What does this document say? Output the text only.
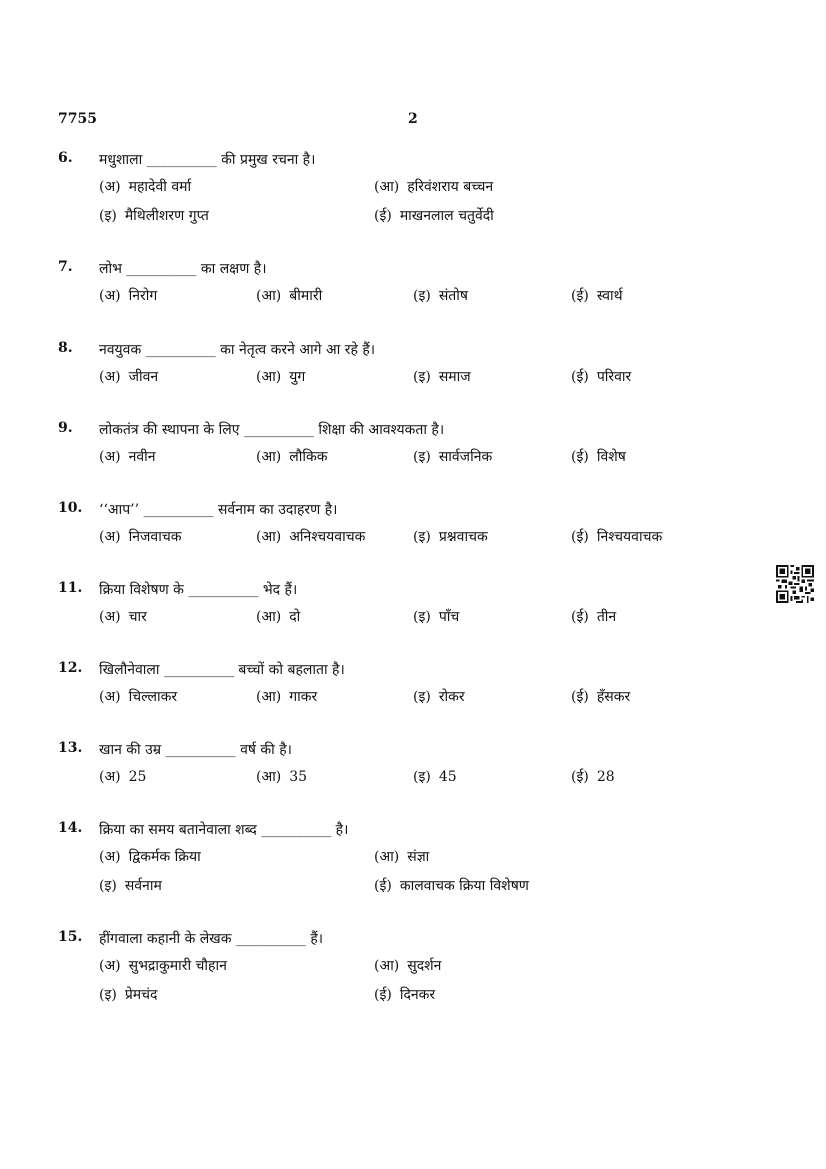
7755	2
6. मधुशाला __________ की प्रमुख रचना है।
(अ) महादेवी वर्मा	(आ) हरिवंशराय बच्चन
(इ) मैथिलीशरण गुप्त	(ई) माखनलाल चतुर्वेदी
7. लोभ __________ का लक्षण है।
(अ) निरोग	(आ) बीमारी	(इ) संतोष	(ई) स्वार्थ
8. नवयुवक __________ का नेतृत्व करने आगे आ रहे हैं।
(अ) जीवन	(आ) युग	(इ) समाज	(ई) परिवार
9. लोकतंत्र की स्थापना के लिए __________ शिक्षा की आवश्यकता है।
(अ) नवीन	(आ) लौकिक	(इ) सार्वजनिक	(ई) विशेष
10. ‘‘आप’’ __________ सर्वनाम का उदाहरण है।
(अ) निजवाचक	(आ) अनिश्चयवाचक	(इ) प्रश्नवाचक	(ई) निश्चयवाचक
11. क्रिया विशेषण के __________ भेद हैं।
(अ) चार	(आ) दो	(इ) पाँच	(ई) तीन
12. खिलौनेवाला __________ बच्चों को बहलाता है।
(अ) चिल्लाकर	(आ) गाकर	(इ) रोकर	(ई) हँसकर
13. खान की उम्र __________ वर्ष की है।
(अ) 25	(आ) 35	(इ) 45	(ई) 28
14. क्रिया का समय बतानेवाला शब्द __________ है।
(अ) द्विकर्मक क्रिया	(आ) संज्ञा
(इ) सर्वनाम	(ई) कालवाचक क्रिया विशेषण
15. हींगवाला कहानी के लेखक __________ हैं।
(अ) सुभद्राकुमारी चौहान	(आ) सुदर्शन
(इ) प्रेमचंद	(ई) दिनकर
